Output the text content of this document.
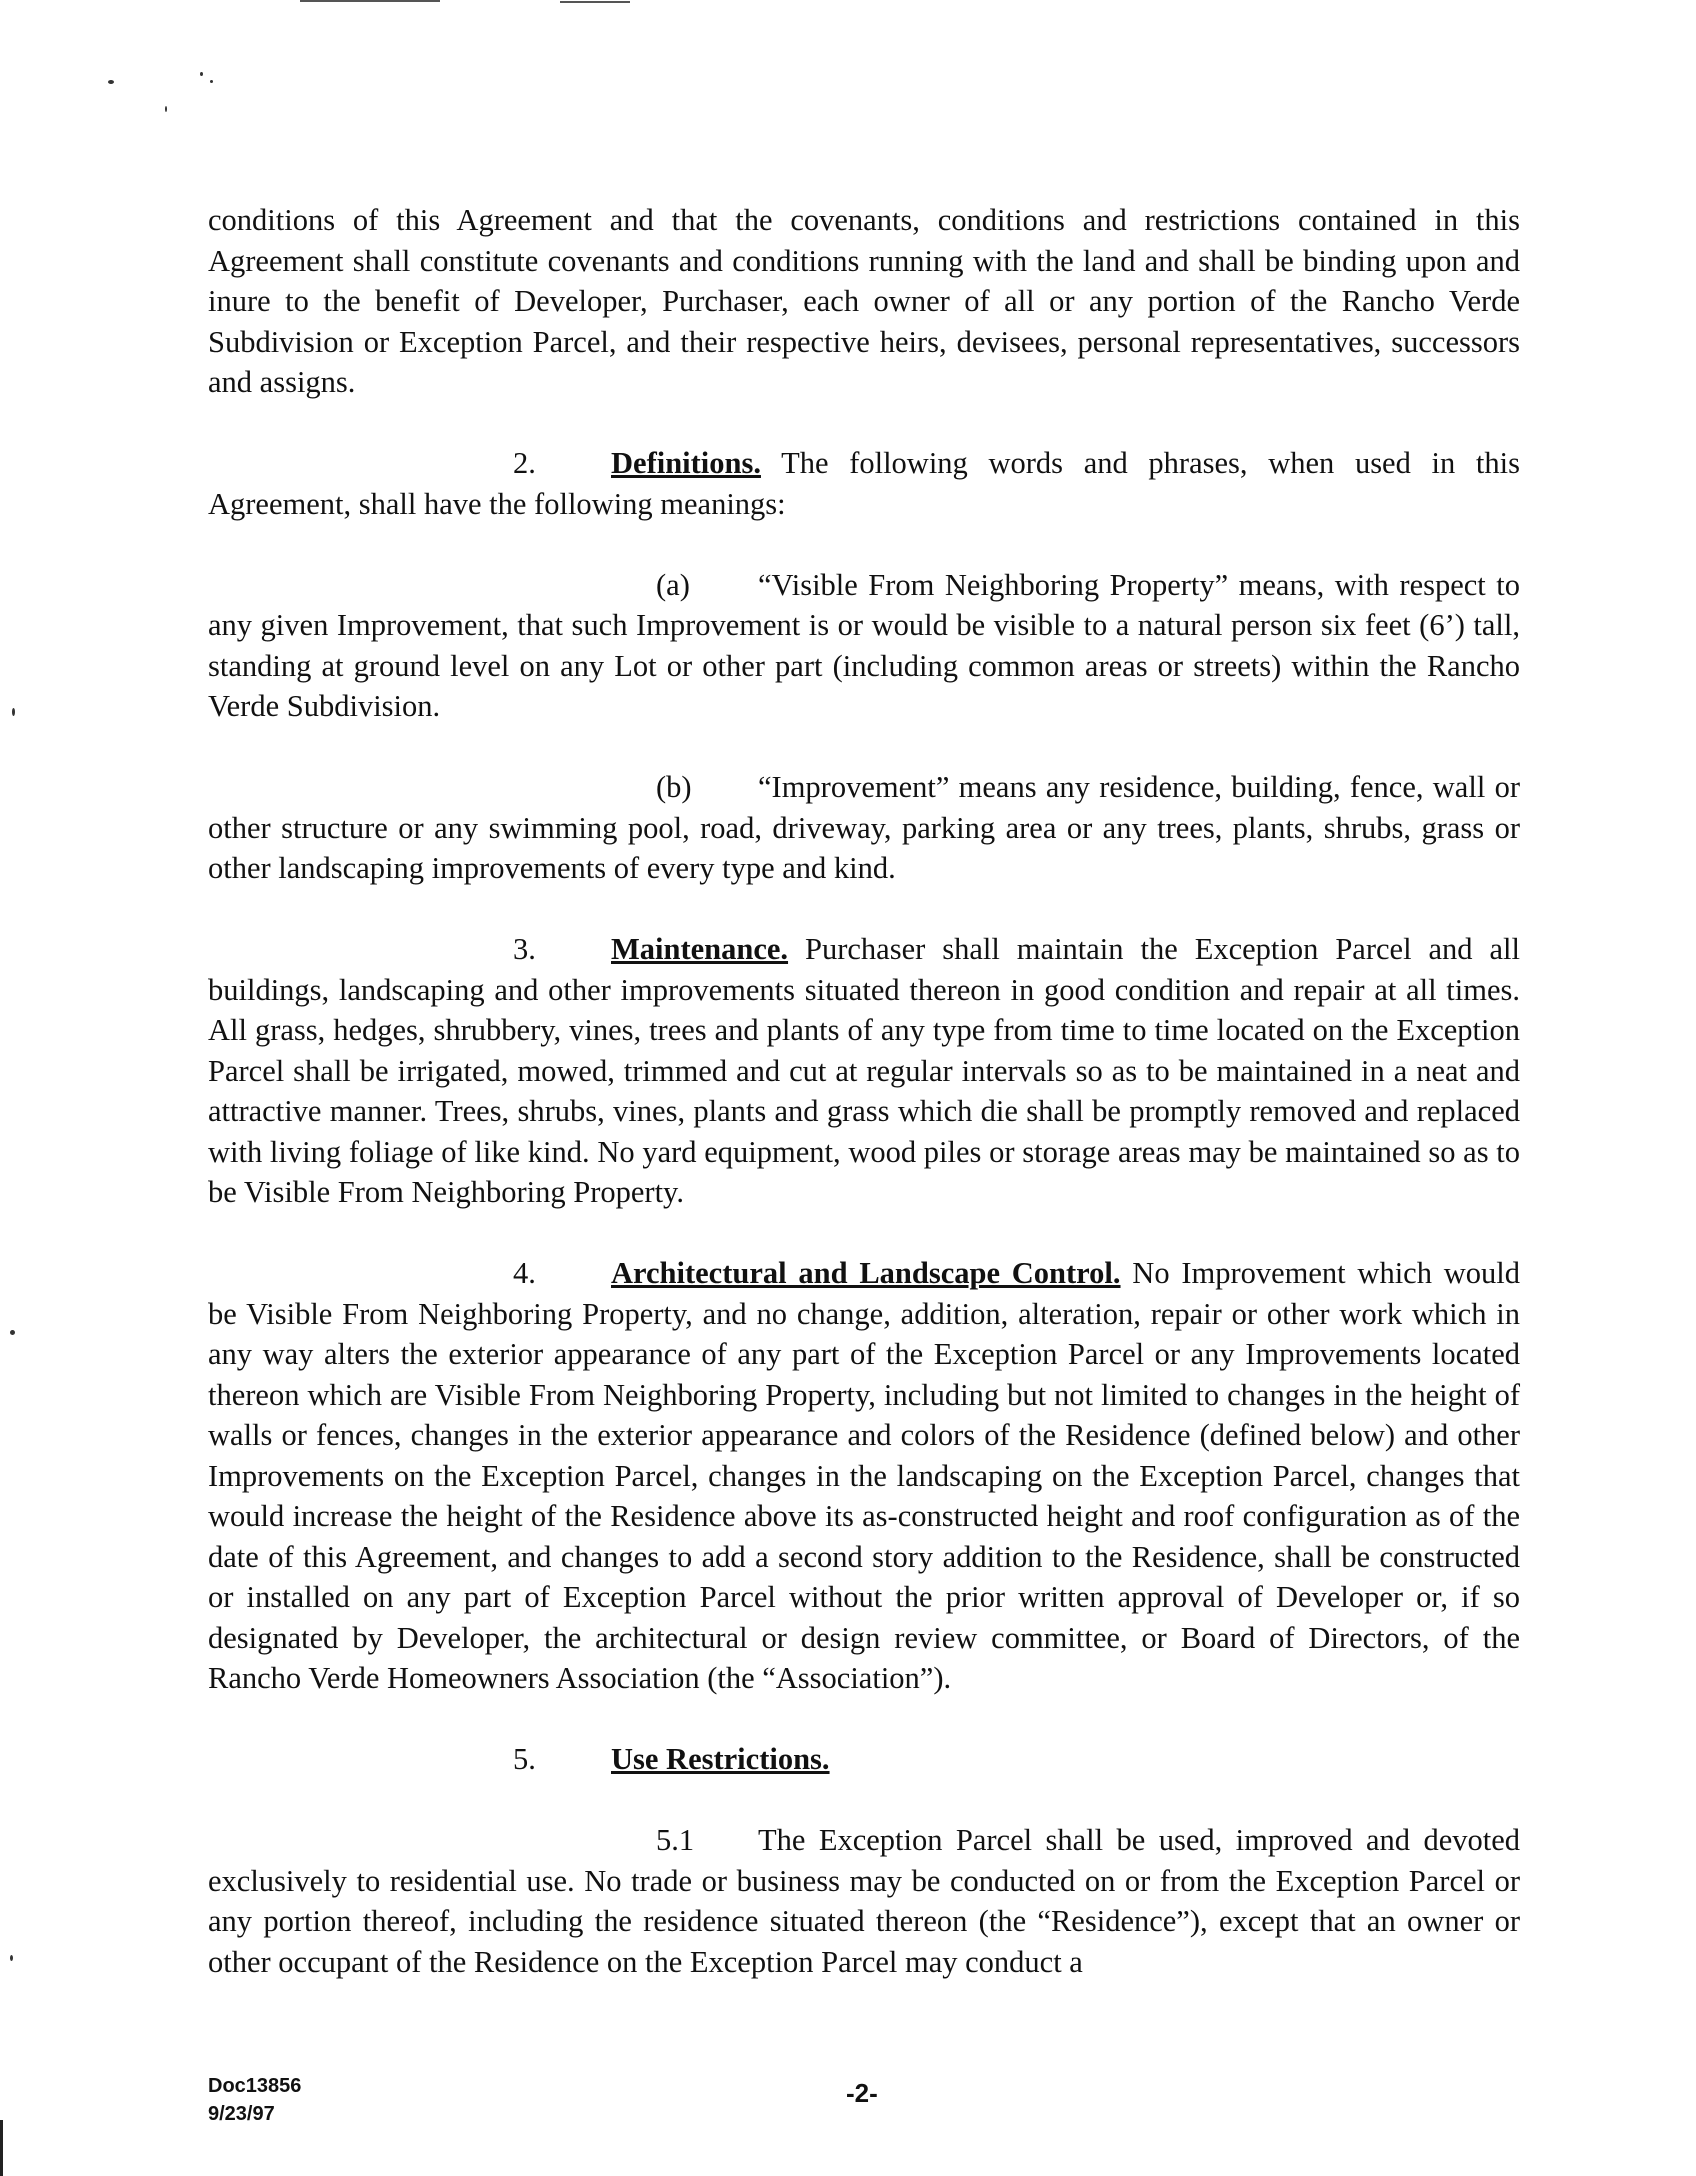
conditions of this Agreement and that the covenants, conditions and restrictions contained in this Agreement shall constitute covenants and conditions running with the land and shall be binding upon and inure to the benefit of Developer, Purchaser, each owner of all or any portion of the Rancho Verde Subdivision or Exception Parcel, and their respective heirs, devisees, personal representatives, successors and assigns.

2. Definitions. The following words and phrases, when used in this Agreement, shall have the following meanings:

(a) “Visible From Neighboring Property” means, with respect to any given Improvement, that such Improvement is or would be visible to a natural person six feet (6’) tall, standing at ground level on any Lot or other part (including common areas or streets) within the Rancho Verde Subdivision.

(b) “Improvement” means any residence, building, fence, wall or other structure or any swimming pool, road, driveway, parking area or any trees, plants, shrubs, grass or other landscaping improvements of every type and kind.

3. Maintenance. Purchaser shall maintain the Exception Parcel and all buildings, landscaping and other improvements situated thereon in good condition and repair at all times. All grass, hedges, shrubbery, vines, trees and plants of any type from time to time located on the Exception Parcel shall be irrigated, mowed, trimmed and cut at regular intervals so as to be maintained in a neat and attractive manner. Trees, shrubs, vines, plants and grass which die shall be promptly removed and replaced with living foliage of like kind. No yard equipment, wood piles or storage areas may be maintained so as to be Visible From Neighboring Property.

4. Architectural and Landscape Control. No Improvement which would be Visible From Neighboring Property, and no change, addition, alteration, repair or other work which in any way alters the exterior appearance of any part of the Exception Parcel or any Improvements located thereon which are Visible From Neighboring Property, including but not limited to changes in the height of walls or fences, changes in the exterior appearance and colors of the Residence (defined below) and other Improvements on the Exception Parcel, changes in the landscaping on the Exception Parcel, changes that would increase the height of the Residence above its as-constructed height and roof configuration as of the date of this Agreement, and changes to add a second story addition to the Residence, shall be constructed or installed on any part of Exception Parcel without the prior written approval of Developer or, if so designated by Developer, the architectural or design review committee, or Board of Directors, of the Rancho Verde Homeowners Association (the “Association”).

5. Use Restrictions.

5.1 The Exception Parcel shall be used, improved and devoted exclusively to residential use. No trade or business may be conducted on or from the Exception Parcel or any portion thereof, including the residence situated thereon (the “Residence”), except that an owner or other occupant of the Residence on the Exception Parcel may conduct a

Doc13856
9/23/97
-2-
